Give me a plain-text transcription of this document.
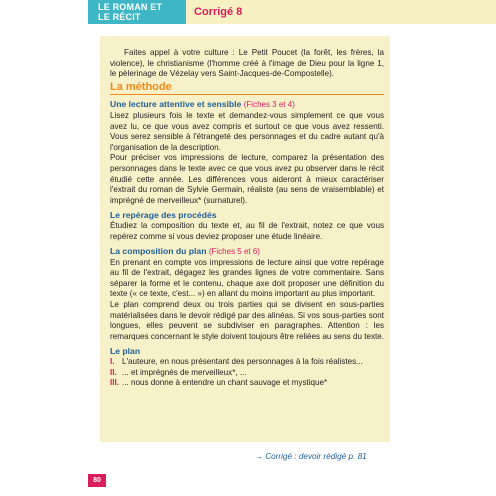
LE ROMAN ET LE RÉCIT	Corrigé 8

Faites appel à votre culture : Le Petit Poucet (la forêt, les frères, la violence), le christianisme (l'homme créé à l'image de Dieu pour la ligne 1, le pèlerinage de Vézelay vers Saint-Jacques-de-Compostelle).

La méthode
Une lecture attentive et sensible (Fiches 3 et 4)

Lisez plusieurs fois le texte et demandez-vous simplement ce que vous avez lu, ce que vous avez compris et surtout ce que vous avez ressenti. Vous serez sensible à l'étrangeté des personnages et du cadre autant qu'à l'organisation de la description.

Pour préciser vos impressions de lecture, comparez la présentation des personnages dans le texte avec ce que vous avez pu observer dans le récit étudié cette année. Les différences vous aideront à mieux caractériser l'extrait du roman de Sylvie Germain, réaliste (au sens de vraisemblable) et imprégné de merveilleux* (surnaturel).

Le repérage des procédés

Étudiez la composition du texte et, au fil de l'extrait, notez ce que vous repérez comme si vous deviez proposer une étude linéaire.

La composition du plan (Fiches 5 et 6)

En prenant en compte vos impressions de lecture ainsi que votre repérage au fil de l'extrait, dégagez les grandes lignes de votre commentaire. Sans séparer la forme et le contenu, chaque axe doit proposer une définition du texte (« ce texte, c'est... ») en allant du moins important au plus important.

Le plan comprend deux ou trois parties qui se divisent en sous-parties matérialisées dans le devoir rédigé par des alinéas. Si vos sous-parties sont longues, elles peuvent se subdiviser en paragraphes. Attention : les remarques concernant le style doivent toujours être reliées au sens du texte.

Le plan
I. L'auteure, en nous présentant des personnages à la fois réalistes...
II. ... et imprégnés de merveilleux*, ...
III. ... nous donne à entendre un chant sauvage et mystique*
→ Corrigé : devoir rédigé p. 81
80
